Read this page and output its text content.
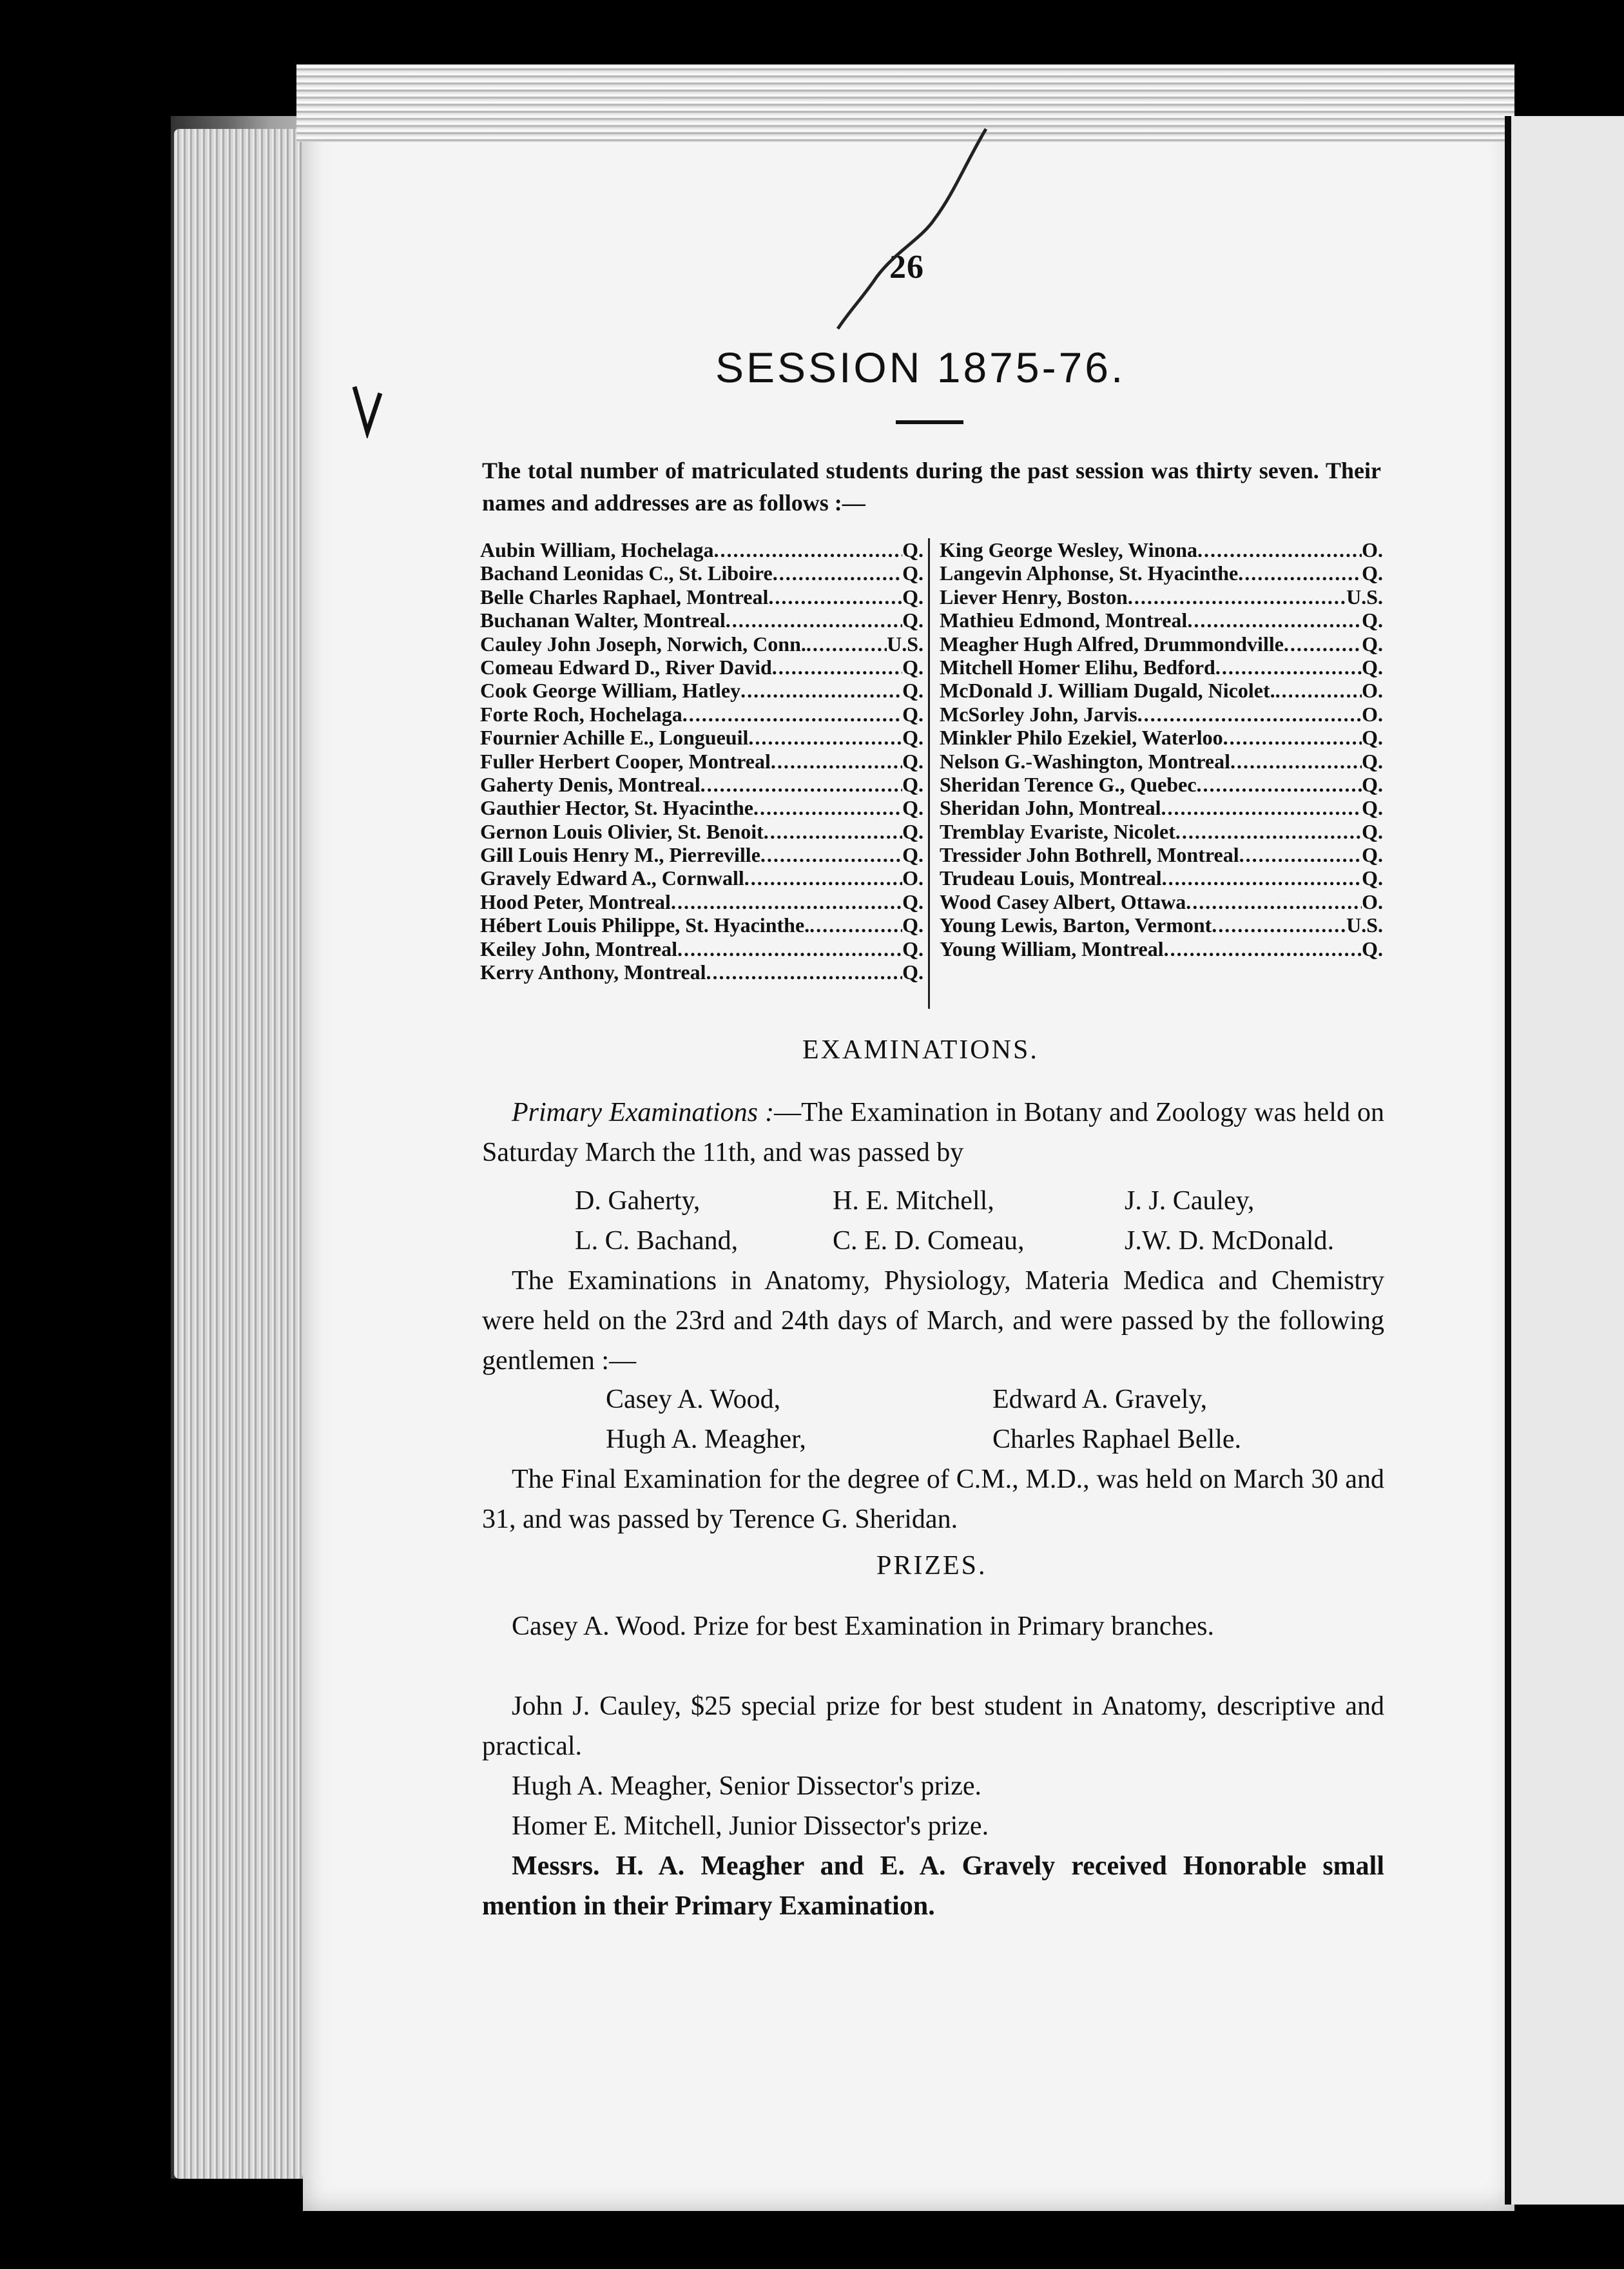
26
SESSION 1875-76.
The total number of matriculated students during the past session was thirty seven. Their names and addresses are as follows :—
Aubin William, Hochelaga .....	Q.
Bachand Leonidas C., St. Liboire .....	Q.
Belle Charles Raphael, Montreal .....	Q.
Buchanan Walter, Montreal .....	Q.
Cauley John Joseph, Norwich, Conn. .....	U.S.
Comeau Edward D., River David .....	Q.
Cook George William, Hatley .....	Q.
Forte Roch, Hochelaga .....	Q.
Fournier Achille E., Longueuil .....	Q.
Fuller Herbert Cooper, Montreal .....	Q.
Gaherty Denis, Montreal .....	Q.
Gauthier Hector, St. Hyacinthe .....	Q.
Gernon Louis Olivier, St. Benoit .....	Q.
Gill Louis Henry M., Pierreville .....	Q.
Gravely Edward A., Cornwall .....	O.
Hood Peter, Montreal .....	Q.
Hébert Louis Philippe, St. Hyacinthe. .....	Q.
Keiley John, Montreal .....	Q.
Kerry Anthony, Montreal .....	Q.
King George Wesley, Winona .....	O.
Langevin Alphonse, St. Hyacinthe .....	Q.
Liever Henry, Boston .....	U.S.
Mathieu Edmond, Montreal .....	Q.
Meagher Hugh Alfred, Drummondville .....	Q.
Mitchell Homer Elihu, Bedford .....	Q.
McDonald J. William Dugald, Nicolet. .....	O.
McSorley John, Jarvis .....	O.
Minkler Philo Ezekiel, Waterloo .....	Q.
Nelson G.-Washington, Montreal .....	Q.
Sheridan Terence G., Quebec .....	Q.
Sheridan John, Montreal .....	Q.
Tremblay Evariste, Nicolet .....	Q.
Tressider John Bothrell, Montreal .....	Q.
Trudeau Louis, Montreal .....	Q.
Wood Casey Albert, Ottawa .....	O.
Young Lewis, Barton, Vermont .....	U.S.
Young William, Montreal .....	Q.
EXAMINATIONS.
Primary Examinations :—The Examination in Botany and Zoology was held on Saturday March the 11th, and was passed by
D. Gaherty,	H. E. Mitchell,	J. J. Cauley,
L. C. Bachand,	C. E. D. Comeau,	J.W. D. McDonald.
The Examinations in Anatomy, Physiology, Materia Medica and Chemistry were held on the 23rd and 24th days of March, and were passed by the following gentlemen :—
Casey A. Wood,	Edward A. Gravely,
Hugh A. Meagher,	Charles Raphael Belle.
The Final Examination for the degree of C.M., M.D., was held on March 30 and 31, and was passed by Terence G. Sheridan.
PRIZES.
Casey A. Wood. Prize for best Examination in Primary branches.
John J. Cauley, $25 special prize for best student in Anatomy, descriptive and practical.
Hugh A. Meagher, Senior Dissector's prize.
Homer E. Mitchell, Junior Dissector's prize.
Messrs. H. A. Meagher and E. A. Gravely received Honorable small mention in their Primary Examination.
